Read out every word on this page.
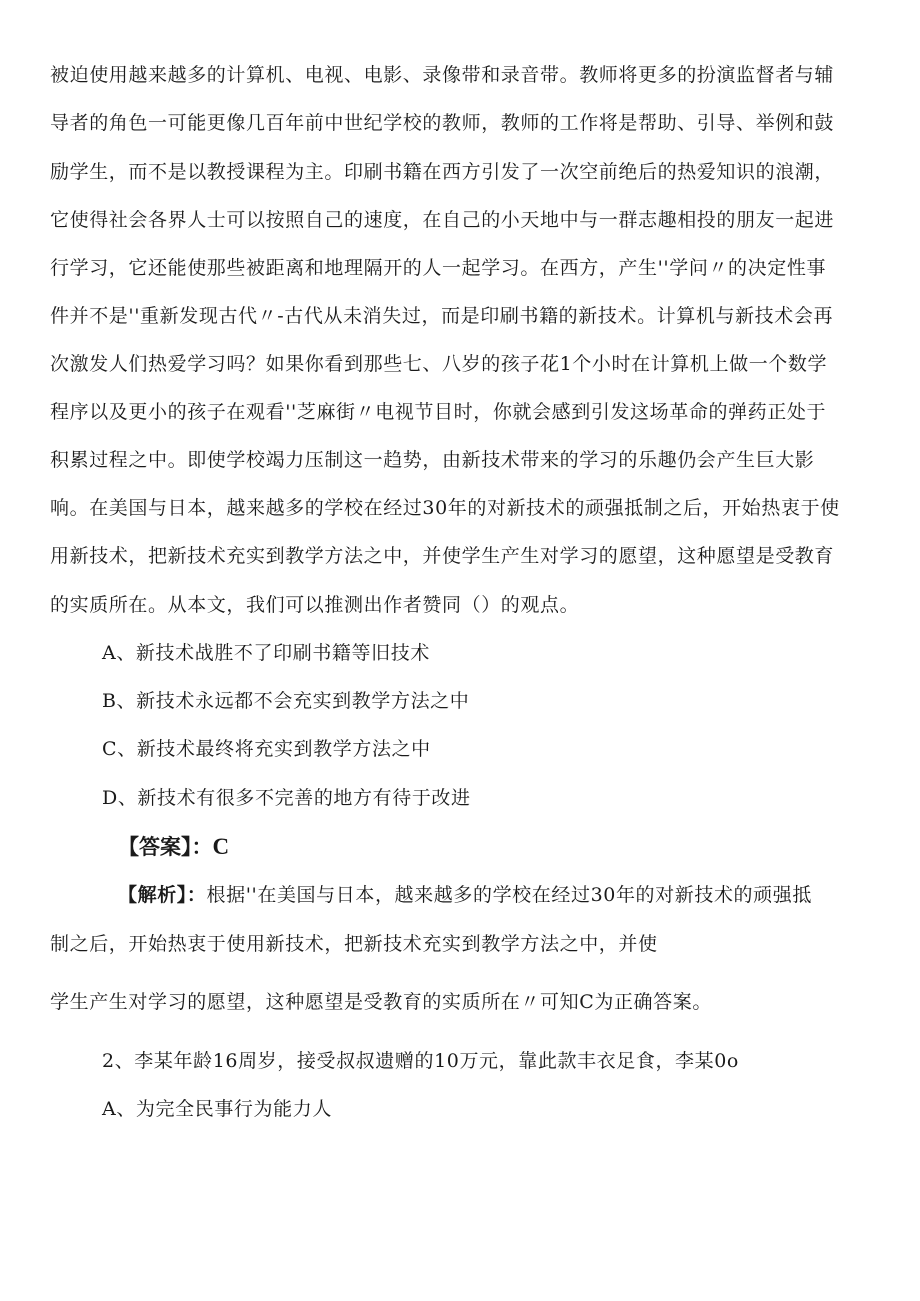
被迫使用越来越多的计算机、电视、电影、录像带和录音带。教师将更多的扮演监督者与辅
导者的角色一可能更像几百年前中世纪学校的教师，教师的工作将是帮助、引导、举例和鼓
励学生，而不是以教授课程为主。印刷书籍在西方引发了一次空前绝后的热爱知识的浪潮，
它使得社会各界人士可以按照自己的速度，在自己的小天地中与一群志趣相投的朋友一起进
行学习，它还能使那些被距离和地理隔开的人一起学习。在西方，产生''学问〃的决定性事
件并不是''重新发现古代〃-古代从未消失过，而是印刷书籍的新技术。计算机与新技术会再
次激发人们热爱学习吗？如果你看到那些七、八岁的孩子花1个小时在计算机上做一个数学
程序以及更小的孩子在观看''芝麻街〃电视节目时，你就会感到引发这场革命的弹药正处于
积累过程之中。即使学校竭力压制这一趋势，由新技术带来的学习的乐趣仍会产生巨大影
响。在美国与日本，越来越多的学校在经过30年的对新技术的顽强抵制之后，开始热衷于使
用新技术，把新技术充实到教学方法之中，并使学生产生对学习的愿望，这种愿望是受教育
的实质所在。从本文，我们可以推测出作者赞同（）的观点。
A、新技术战胜不了印刷书籍等旧技术
B、新技术永远都不会充实到教学方法之中
C、新技术最终将充实到教学方法之中
D、新技术有很多不完善的地方有待于改进
【答案】：C
【解析】：根据''在美国与日本，越来越多的学校在经过30年的对新技术的顽强抵
制之后，开始热衷于使用新技术，把新技术充实到教学方法之中，并使
学生产生对学习的愿望，这种愿望是受教育的实质所在〃可知C为正确答案。
2、李某年龄16周岁，接受叔叔遗赠的10万元，靠此款丰衣足食，李某0o
A、为完全民事行为能力人
